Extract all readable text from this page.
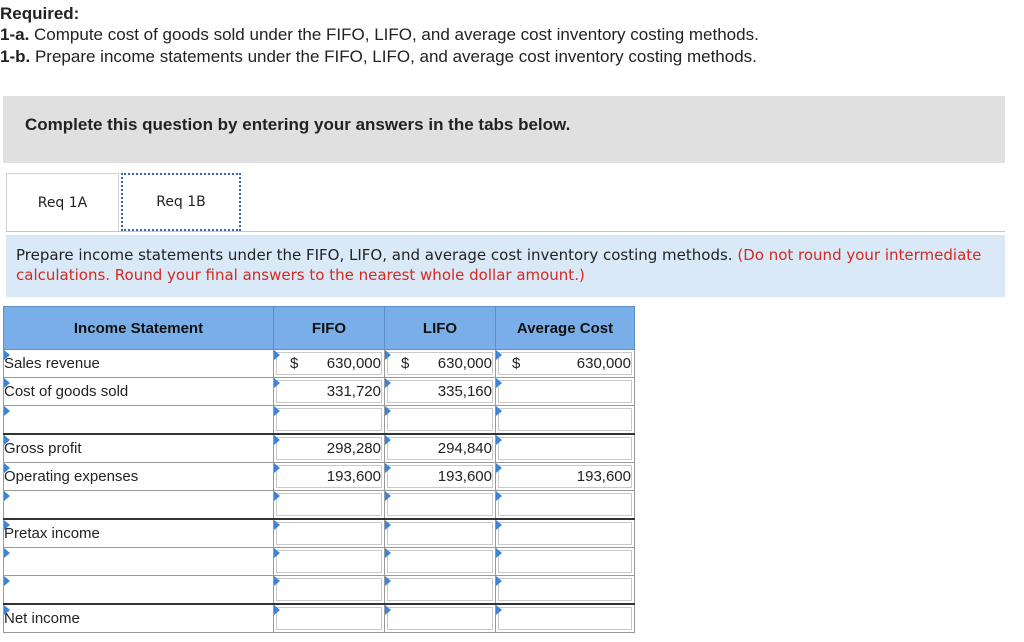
Required:
1-a. Compute cost of goods sold under the FIFO, LIFO, and average cost inventory costing methods.
1-b. Prepare income statements under the FIFO, LIFO, and average cost inventory costing methods.
Complete this question by entering your answers in the tabs below.
Req 1A	Req 1B
Prepare income statements under the FIFO, LIFO, and average cost inventory costing methods. (Do not round your intermediate calculations. Round your final answers to the nearest whole dollar amount.)
Income Statement	FIFO	LIFO	Average Cost

Sales revenue	$ 630,000	$ 630,000	$ 630,000

Cost of goods sold	331,720	335,160	

Gross profit	298,280	294,840	

Operating expenses	193,600	193,600	193,600

Pretax income	

Net income	
